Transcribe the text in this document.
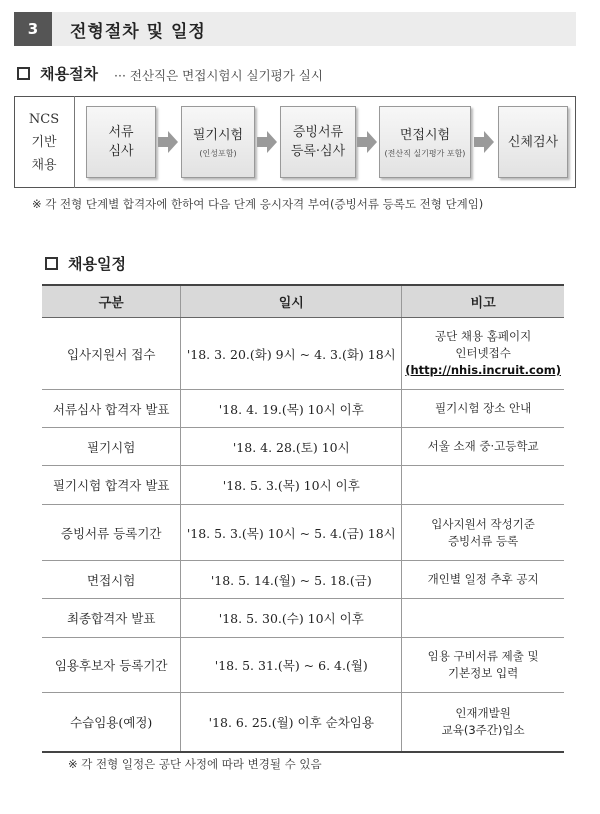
3	전형절차 및 일정
채용절차 ··· 전산직은 면접시험시 실기평가 실시
NCS
기반
채용
서류
심사
필기시험
(인성포함)
증빙서류
등록·심사
면접시험
(전산직 실기평가 포함)
신체검사
※ 각 전형 단계별 합격자에 한하여 다음 단계 응시자격 부여(증빙서류 등록도 전형 단계임)
채용일정
구분	일시	비고
입사지원서 접수	'18. 3. 20.(화) 9시 ~ 4. 3.(화) 18시	공단 채용 홈페이지
인터넷접수
(http://nhis.incruit.com)

서류심사 합격자 발표	'18. 4. 19.(목) 10시 이후	필기시험 장소 안내

필기시험	'18. 4. 28.(토) 10시	서울 소재 중·고등학교

필기시험 합격자 발표	'18. 5. 3.(목) 10시 이후	
증빙서류 등록기간	'18. 5. 3.(목) 10시 ~ 5. 4.(금) 18시	입사지원서 작성기준
증빙서류 등록

면접시험	'18. 5. 14.(월) ~ 5. 18.(금)	개인별 일정 추후 공지

최종합격자 발표	'18. 5. 30.(수) 10시 이후	
임용후보자 등록기간	'18. 5. 31.(목) ~ 6. 4.(월)	임용 구비서류 제출 및
기본정보 입력

수습임용(예정)	'18. 6. 25.(월) 이후 순차임용	인재개발원
교육(3주간)입소
※ 각 전형 일정은 공단 사정에 따라 변경될 수 있음
